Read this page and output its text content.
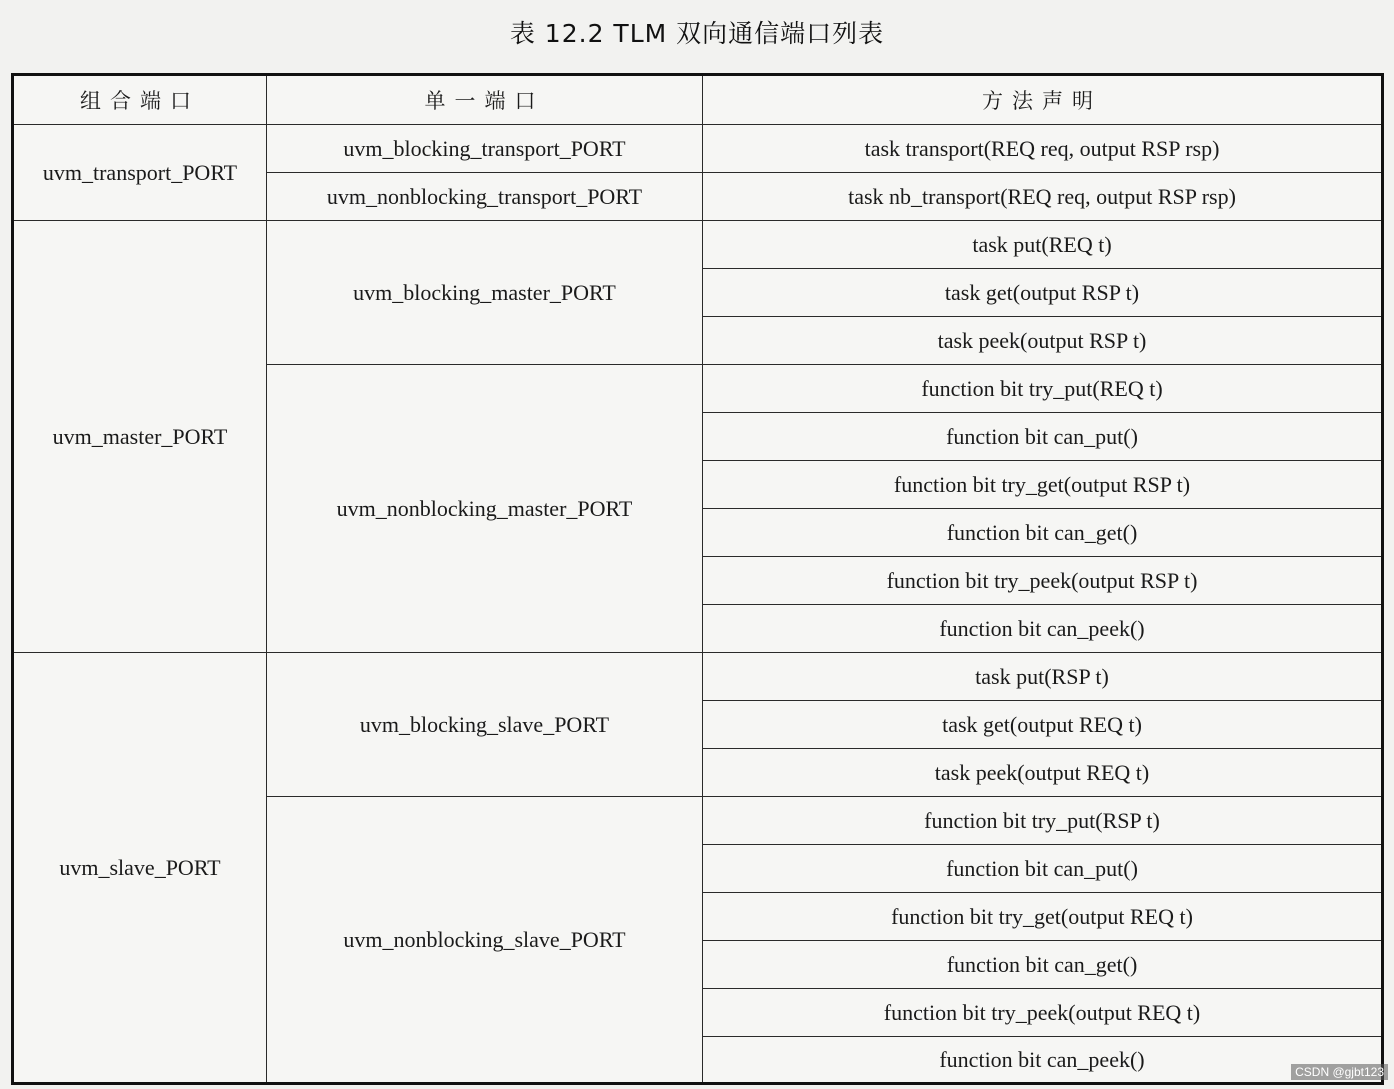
表 12.2 TLM 双向通信端口列表
组合端口	单一端口	方法声明
uvm_transport_PORT	uvm_blocking_transport_PORT	task transport(REQ req, output RSP rsp)
	uvm_nonblocking_transport_PORT	task nb_transport(REQ req, output RSP rsp)
uvm_master_PORT	uvm_blocking_master_PORT	task put(REQ t)
		task get(output RSP t)
		task peek(output RSP t)
	uvm_nonblocking_master_PORT	function bit try_put(REQ t)
		function bit can_put()
		function bit try_get(output RSP t)
		function bit can_get()
		function bit try_peek(output RSP t)
		function bit can_peek()
uvm_slave_PORT	uvm_blocking_slave_PORT	task put(RSP t)
		task get(output REQ t)
		task peek(output REQ t)
	uvm_nonblocking_slave_PORT	function bit try_put(RSP t)
		function bit can_put()
		function bit try_get(output REQ t)
		function bit can_get()
		function bit try_peek(output REQ t)
		function bit can_peek()
CSDN @gjbt123
